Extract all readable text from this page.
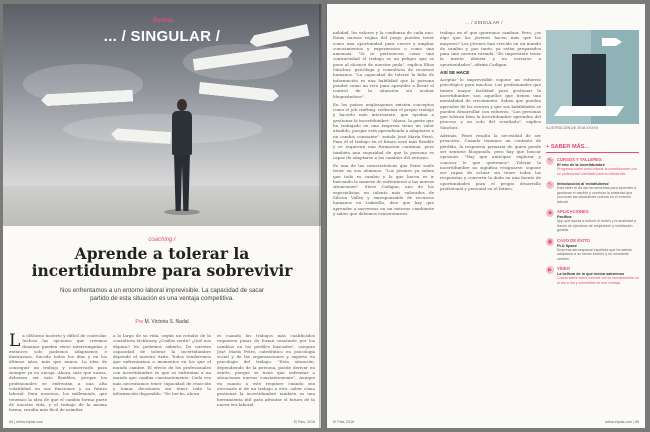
Retina
... / SINGULAR /
coaching /
Aprende a tolerar la incertidumbre para sobrevivir

Nos enfrentamos a un entorno laboral imprevisible. La capacidad de sacar partido de esta situación es una ventaja competitiva.

Por M. Victoria S. Nadal
L a elXtorno incierto y difícil de controlar. Incluso las opciones que creemos dominar pueden verse interrumpidas y entonces solo podemos adaptarnos e ilustrarnos. Sucede todos los días y en los últimos años, más que nunca. La idea de conseguir un trabajo y conservarlo para siempre ya no encaja. Ahora, más que nunca, debemos ser más flexibles, porque los profesionales se enfrentan a una alta volatilidad en sus funciones y su futuro laboral. Para nosotros, los millennials, que tenemos la idea de que el cambio forma parte de nuestra vida, y el trabajo de la misma forma, resulta más fácil de asimilar.

a lo largo de su vida, según un estudio de la consultora McKinsey. ¿Cuáles serán? ¿Qué nos depara? No podemos saberlo. De nuestra capacidad de tolerar la incertidumbre depende el nuestro éxito. Todos tenderemos que enfrentarnos a momentos en los que el mundo cambie. El efecto de los profesionales con incertidumbre es que se enfrentan a un mundo que cambia constantemente. Cada vez más necesitamos tener capacidad de reacción y tomar decisiones sin tener toda la información disponible. "De hecho, ahora

es cuando los trabajos más cualificados requieren pasar de forma constante por los cambios en los perfiles buscados", asegura José María Peiró, catedrático en psicología social y de las organizaciones y experto en psicología del trabajo. "Esta situación, dependiendo de la persona, puede derivar en estrés, porque se tiene que enfrentar a situaciones nuevas constantemente". Aunque en cuanto a este requiere cuando sea necesario ir de un trabajo a otro, saber cómo gestionar la incertidumbre también es una herramienta útil para afrontar el futuro de la nueva era laboral.

84 | retina.elpais.com	El Pais, 2018
... / SINGULAR /

nalidad, los valores y la confianza de cada uno. Estas nuevas reglas del juego pueden tener como una oportunidad para crecer y ampliar conocimientos y experiencias o como una amenaza. "Si te pertenecen como una contrariedad el trabajo es un peligro que se pone al alcance de nuestra jaula", explica Elisa Sánchez, psicóloga y consultora de recursos humanos. "La capacidad de tolerar la falta de información es una habilidad que la persona pondrá como un reto para aprender a llevar el control de la situación sin acabar bloqueándose".

En los países anglosajones existen conceptos como el job crafting, rediseñar el propio trabajo y hacerlo más interesante, que ayudan a gestionar la incertidumbre. "Ahora, la gente que ha trabajado en una empresa tiene un valor añadido, porque está aprendiendo a adaptarse a un cambio constante", señala José María Peiró. Para él el trabajo en el futuro será más flexible y se requerirá una formación continua, pero también una seguridad de que la persona es capaz de adaptarse a los cambios del entorno.

Es una de las características que Peiró suele tener en sus alumnos. "Los jóvenes ya saben que todo es cambio y lo que hacen es ir buscando la manera de enfrentarse a las nuevas situaciones". Steve Cadigan, uno de los especialistas en talento más valorados de Silicon Valley y exresponsable de recursos humanos en LinkedIn, dice que hay que aprender a movernos en un entorno cambiante y saber que debemos reinventarnos.

trabajo en el que queremos cambiar. Pero, ¿es algo que los jóvenes hacen más que los mayores? Los jóvenes han crecido en un mundo de cambio y, por tanto, ya están preparados para una carrera variada. "Es importante tener la mente abierta y no cerrarse a oportunidades", afirma Cadigan.

ASÍ SE HACE

Aceptar lo imprevisible supone un esfuerzo psicológico para muchos. Los profesionales que tienen mayor facilidad para gestionar la incertidumbre son aquellos que tienen una mentalidad de crecimiento. Saben que pueden aprender de los errores y que sus habilidades se pueden desarrollar con esfuerzo. "Las personas que toleran bien la incertidumbre aprenden del proceso y no solo del resultado", explica Sánchez.

Además, Peiró resalta la necesidad de ser proactivo. Cuando tenemos un contexto de pérdida, la respuesta primaria de quien puede ser sentirse bloqueado, pero hay que buscar opciones. "Hay que anticipar, explorar y conocer lo que queremos". Tolerar la incertidumbre no significa resignarse: supone ser capaz de actuar sin tener todas las respuestas y convertir la duda en una fuente de oportunidades para el propio desarrollo profesional y personal en el futuro.

ILUSTRACIÓN DE 2018 XXXXX
+ SABER MÁS...
✎	CURSOS Y TALLERES
El reto de la incertidumbre
Programa sobre cómo tolerar la incertidumbre con un profesional orientado para su desarrollo.
✎	Introducción al 'mindfulness'
Este taller te da las herramientas para aprender a gestionar el cambio y controlar la ansiedad que provocan las situaciones nuevas en el entorno laboral.
◉	APLICACIONES
Pacifica
App que ayuda a reducir el estrés y la ansiedad a través de ejercicios de respiración y meditación guiada.
▣	CASO DE ÉXITO
PLD Space
Empresa aeroespacial española que ha sabido adaptarse a un sector incierto y en constante cambio.
▶	VÍDEO
La belleza de lo que nunca sabremos
Charla sobre cómo convivir con la incertidumbre en el día a día y convertirla en una ventaja.
El Pais, 2018	retina.elpais.com | 85
